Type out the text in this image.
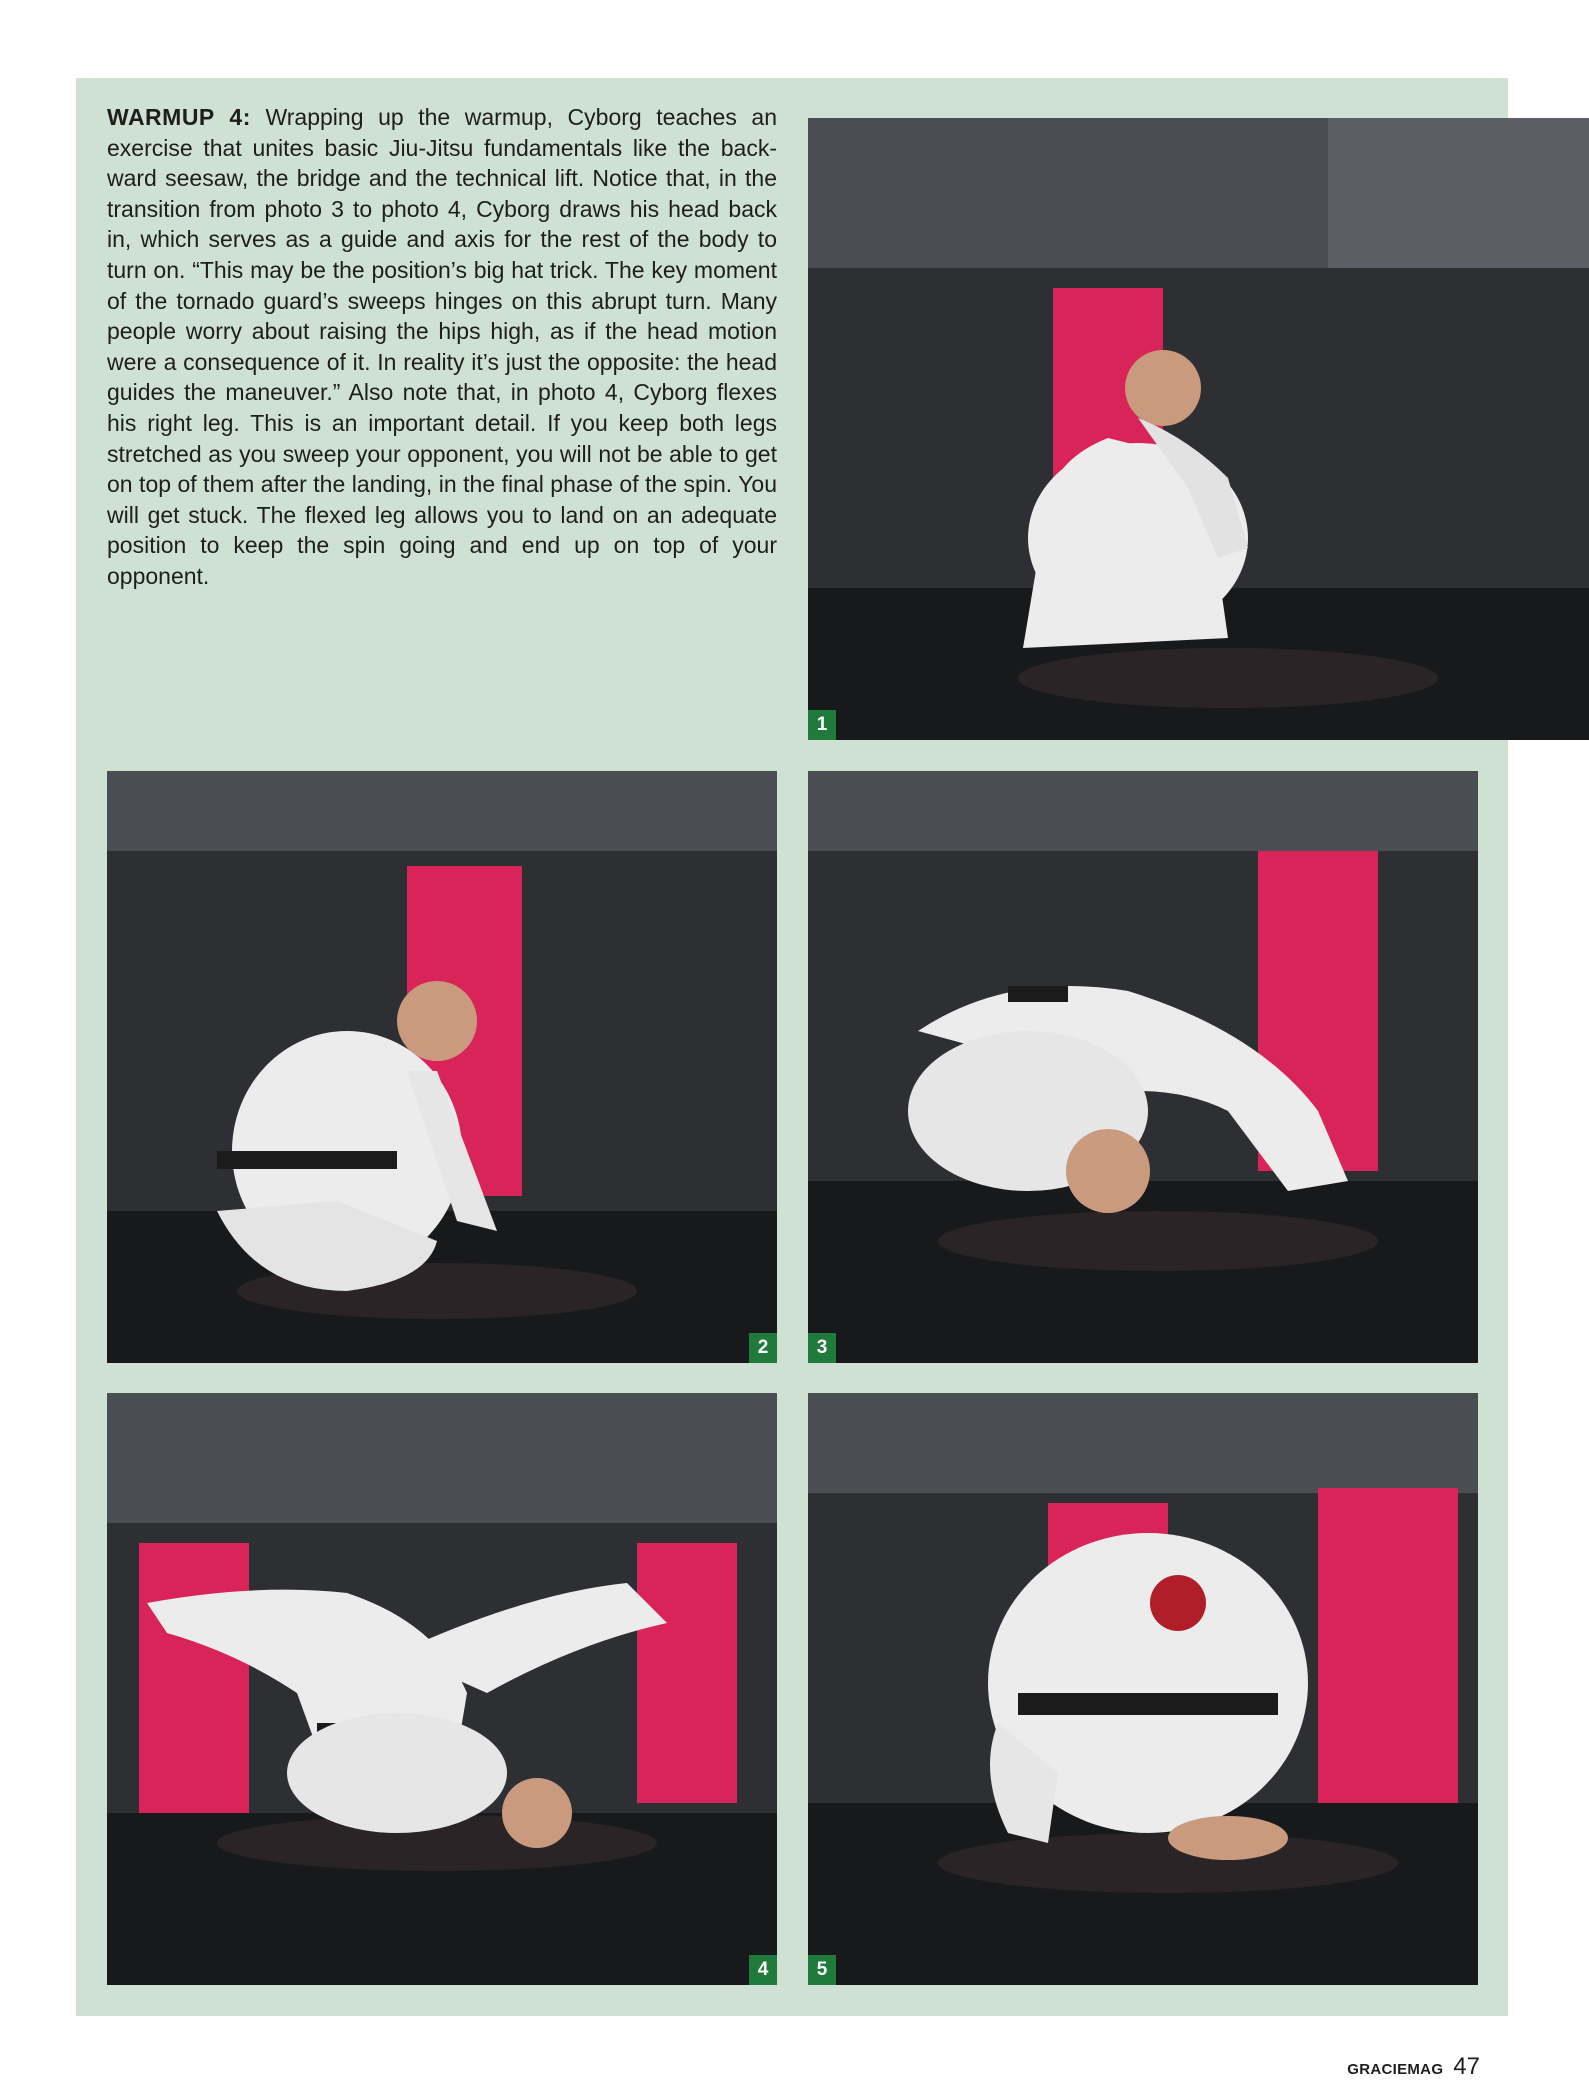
WARMUP 4: Wrapping up the warmup, Cyborg teaches an exercise that unites basic Jiu-Jitsu fundamentals like the backward seesaw, the bridge and the technical lift. Notice that, in the transition from photo 3 to photo 4, Cyborg draws his head back in, which serves as a guide and axis for the rest of the body to turn on. “This may be the position’s big hat trick. The key moment of the tornado guard’s sweeps hinges on this abrupt turn. Many people worry about raising the hips high, as if the head motion were a consequence of it. In reality it’s just the opposite: the head guides the maneuver.” Also note that, in photo 4, Cyborg flexes his right leg. This is an important detail. If you keep both legs stretched as you sweep your opponent, you will not be able to get on top of them after the landing, in the final phase of the spin. You will get stuck. The flexed leg allows you to land on an adequate position to keep the spin going and end up on top of your opponent.
1
2	3
4	5
GRACIEMAG 47
